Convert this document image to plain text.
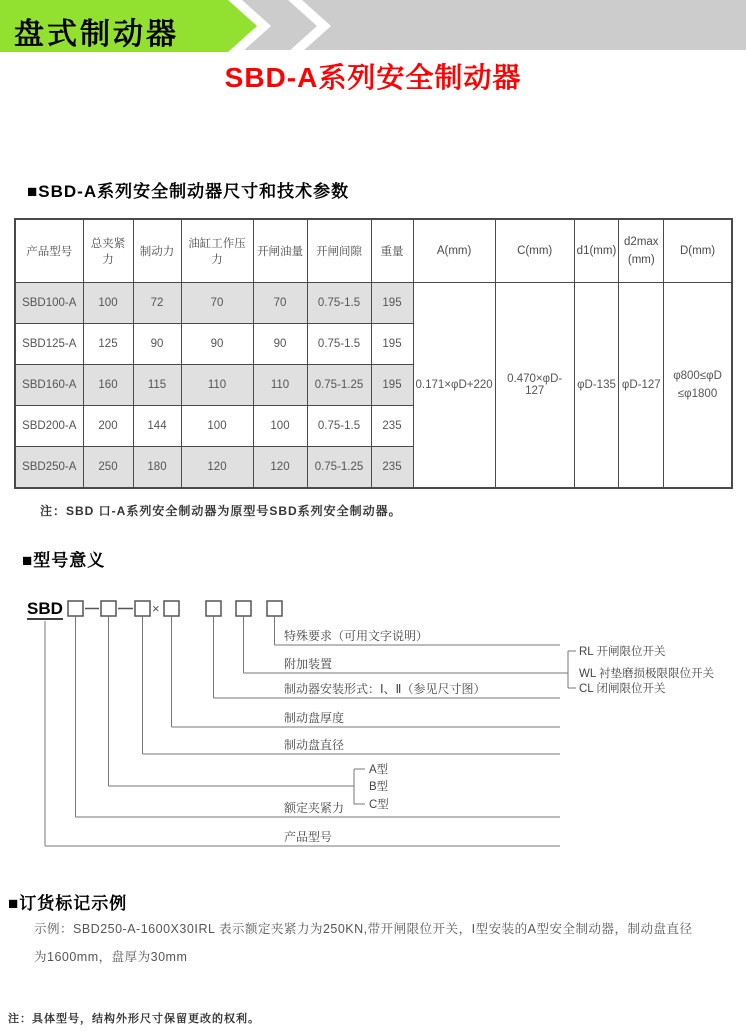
盘式制动器
SBD-A系列安全制动器
■SBD-A系列安全制动器尺寸和技术参数
产品型号	总夹紧力	制动力	油缸工作压力	开闸油量	开闸间隙	重量	A(mm)	C(mm)	d1(mm)	d2max
(mm)	D(mm)
SBD100-A	100	72	70	70	0.75-1.5	195	0.171×φD+220	0.470×φD-127	φD-135	φD-127	φ800≤φD
≤φ1800

SBD125-A	125	90	90	90	0.75-1.5	195					
SBD160-A	160	115	110	110	0.75-1.25	195					
SBD200-A	200	144	100	100	0.75-1.5	235					
SBD250-A	250	180	120	120	0.75-1.25	235					
注：SBD 口-A系列安全制动器为原型号SBD系列安全制动器。
■型号意义
SBD	×
A型
B型
C型
RL 开闸限位开关
WL 衬垫磨损极限限位开关
CL 闭闸限位开关
特殊要求（可用文字说明）
附加装置
制动器安装形式：Ⅰ、Ⅱ（参见尺寸图）
制动盘厚度
制动盘直径
额定夹紧力
产品型号
■订货标记示例
示例：SBD250-A-1600X30ⅠRL 表示额定夹紧力为250KN,带开闸限位开关，I型安装的A型安全制动器，制动盘直径为1600mm，盘厚为30mm
注：具体型号，结构外形尺寸保留更改的权利。
